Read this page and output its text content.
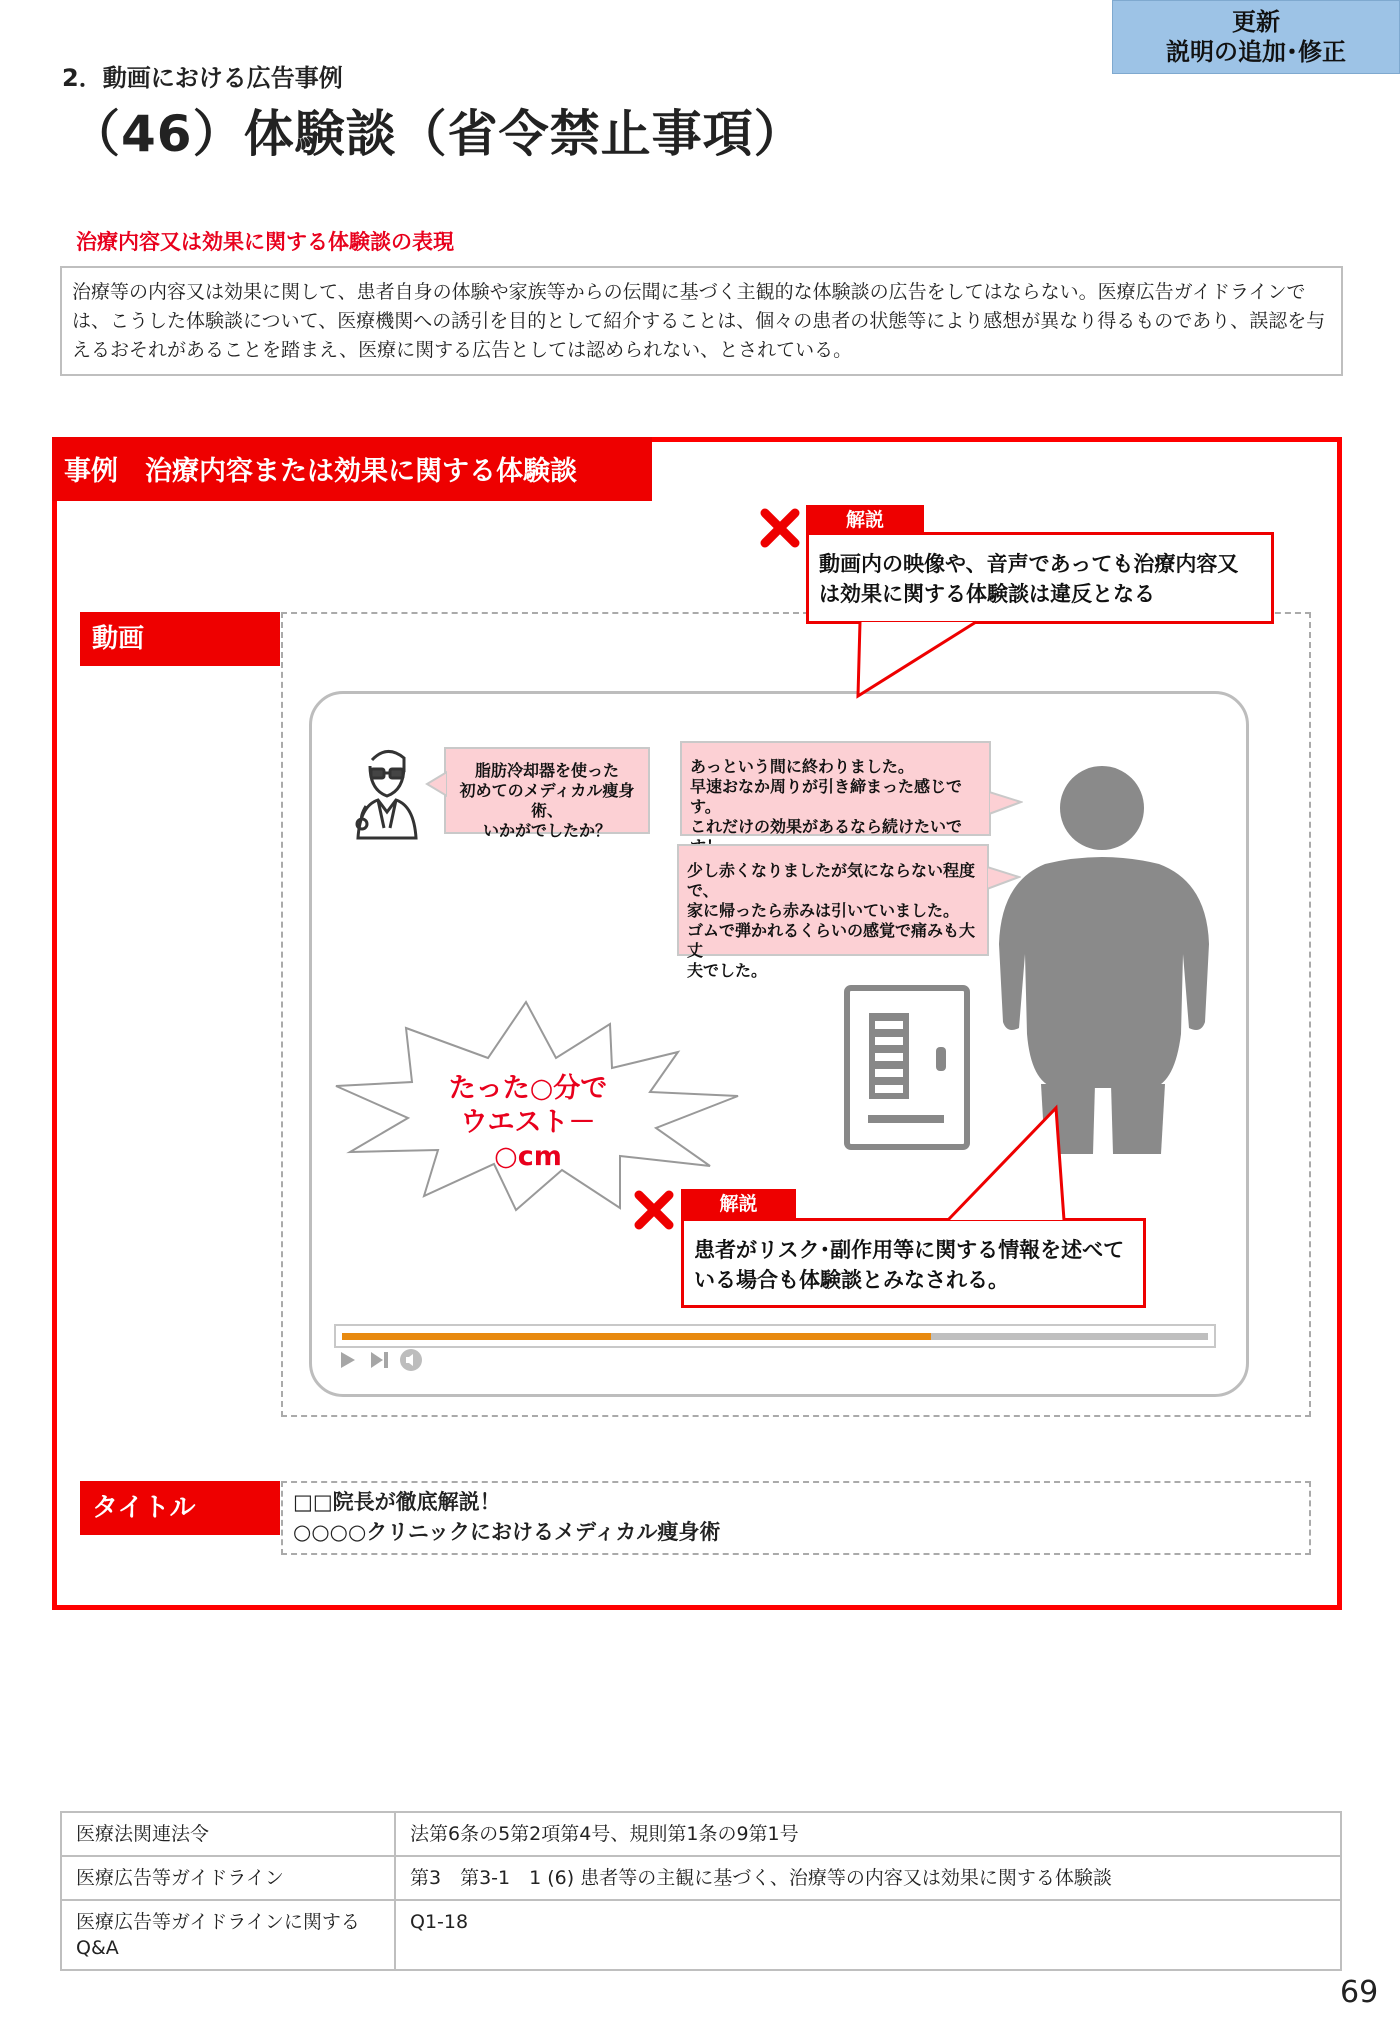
更新
説明の追加･修正
2．動画における広告事例
（46）体験談（省令禁止事項）
治療内容又は効果に関する体験談の表現
治療等の内容又は効果に関して、患者自身の体験や家族等からの伝聞に基づく主観的な体験談の広告をしてはならない。医療広告ガイドラインでは、こうした体験談について、医療機関への誘引を目的として紹介することは、個々の患者の状態等により感想が異なり得るものであり、誤認を与えるおそれがあることを踏まえ、医療に関する広告としては認められない、とされている。
事例　治療内容または効果に関する体験談
動画
脂肪冷却器を使った
初めてのメディカル痩身術、
いかがでしたか？
あっという間に終わりました。
早速おなか周りが引き締まった感じです。
これだけの効果があるなら続けたいで
少し赤くなりましたが気にならない程度で、
家に帰ったら赤みは引いていました。
ゴムで弾かれるくらいの感覚で痛みも大丈
夫でした。
たった○分で
ウエスト－○cm
解説
動画内の映像や、音声であっても治療内容又
は効果に関する体験談は違反となる
解説
患者がリスク･副作用等に関する情報を述べて
いる場合も体験談とみなされる。
タイトル	□□院長が徹底解説！
○○○○クリニックにおけるメディカル痩身術
医療法関連法令	法第6条の5第2項第4号、規則第1条の9第1号
医療広告等ガイドライン	第3　第3-1　1 (6) 患者等の主観に基づく、治療等の内容又は効果に関する体験談
医療広告等ガイドラインに関する
Q&A	Q1-18
69
